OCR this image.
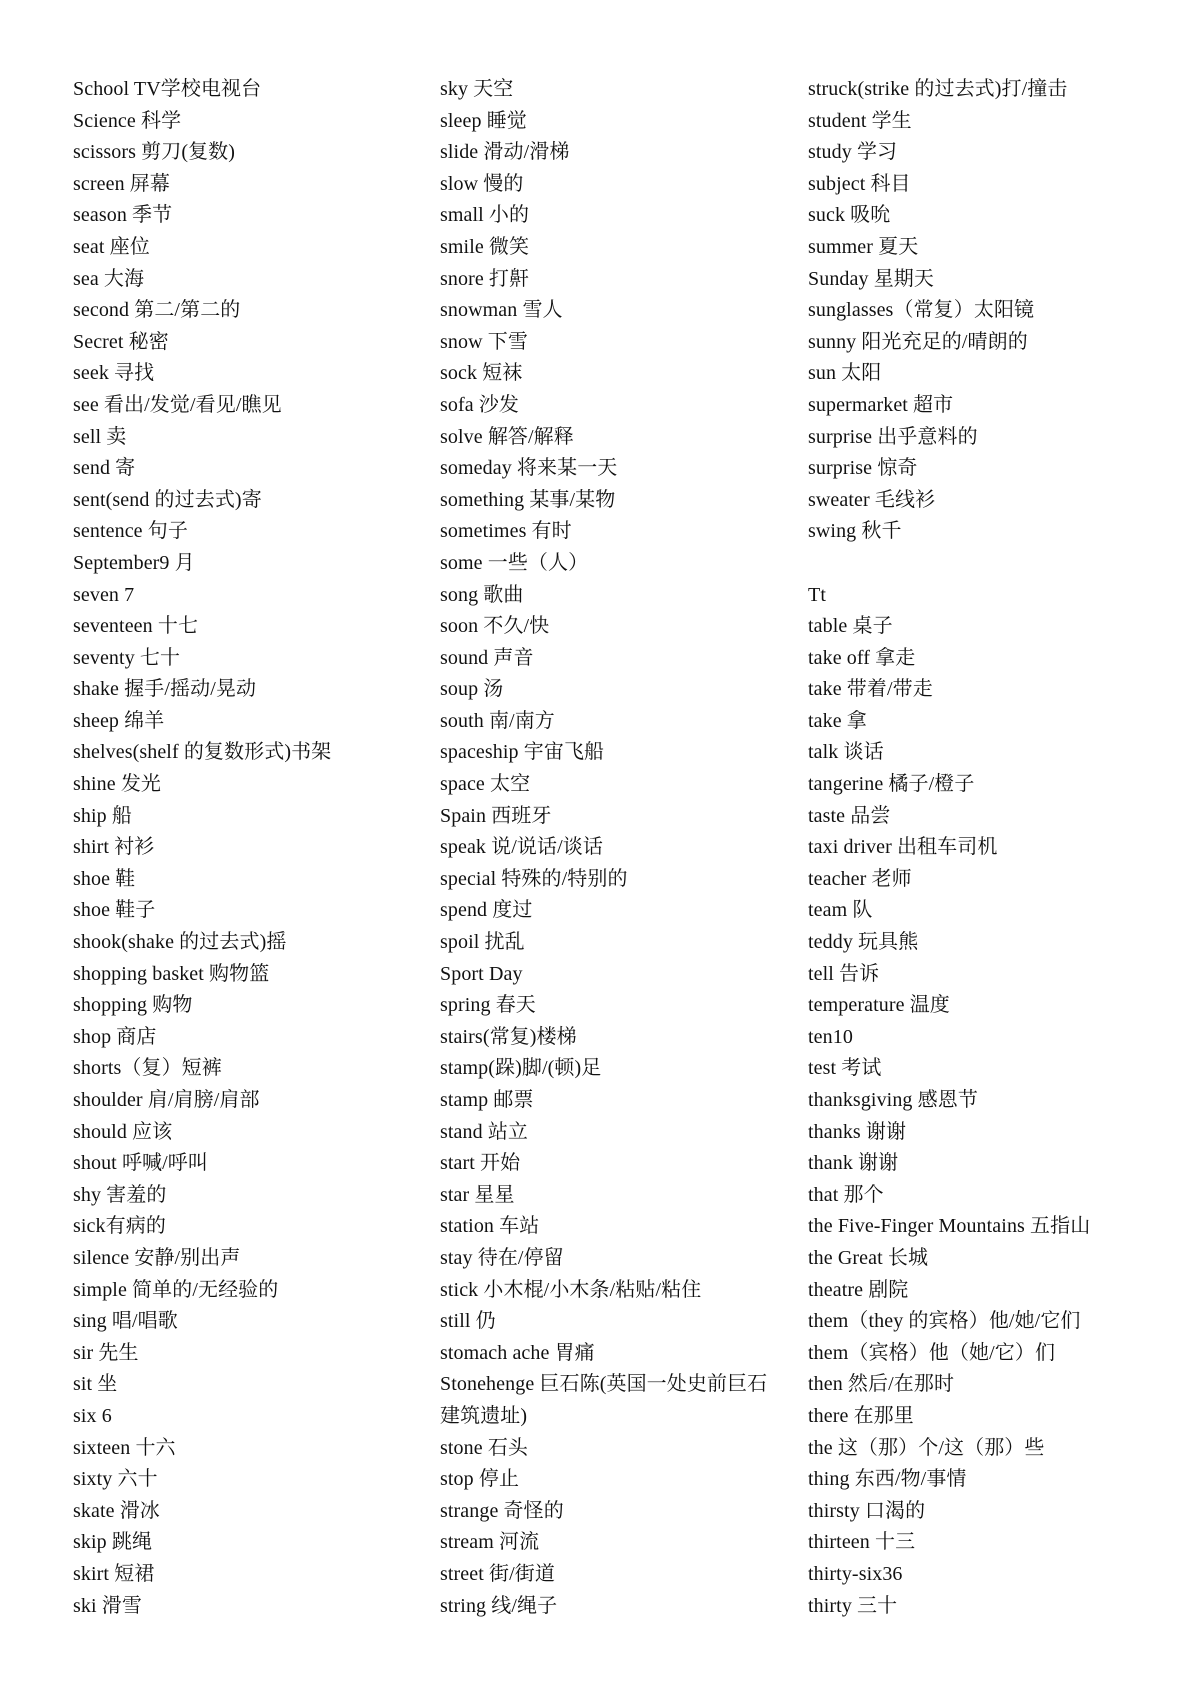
School TV学校电视台
Science 科学
scissors 剪刀(复数)
screen 屏幕
season 季节
seat 座位
sea 大海
second 第二/第二的
Secret 秘密
seek 寻找
see 看出/发觉/看见/瞧见
sell 卖
send 寄
sent(send 的过去式)寄
sentence 句子
September9 月
seven 7
seventeen 十七
seventy 七十
shake 握手/摇动/晃动
sheep 绵羊
shelves(shelf 的复数形式)书架
shine 发光
ship 船
shirt 衬衫
shoe 鞋
shoe 鞋子
shook(shake 的过去式)摇
shopping basket 购物篮
shopping 购物
shop 商店
shorts（复）短裤
shoulder 肩/肩膀/肩部
should 应该
shout 呼喊/呼叫
shy 害羞的
sick有病的
silence 安静/别出声
simple 简单的/无经验的
sing 唱/唱歌
sir 先生
sit 坐
six 6
sixteen 十六
sixty 六十
skate 滑冰
skip 跳绳
skirt 短裙
ski 滑雪
sky 天空
sleep 睡觉
slide 滑动/滑梯
slow 慢的
small 小的
smile 微笑
snore 打鼾
snowman 雪人
snow 下雪
sock 短袜
sofa 沙发
solve 解答/解释
someday 将来某一天
something 某事/某物
sometimes 有时
some 一些（人）
song 歌曲
soon 不久/快
sound 声音
soup 汤
south 南/南方
spaceship 宇宙飞船
space 太空
Spain 西班牙
speak 说/说话/谈话
special 特殊的/特别的
spend 度过
spoil 扰乱
Sport Day
spring 春天
stairs(常复)楼梯
stamp(跺)脚/(顿)足
stamp 邮票
stand 站立
start 开始
star 星星
station 车站
stay 待在/停留
stick 小木棍/小木条/粘贴/粘住
still 仍
stomach ache 胃痛
Stonehenge 巨石陈(英国一处史前巨石建筑遗址)
stone 石头
stop 停止
strange 奇怪的
stream 河流
street 街/街道
string 线/绳子
struck(strike 的过去式)打/撞击
student 学生
study 学习
subject 科目
suck 吸吮
summer 夏天
Sunday 星期天
sunglasses（常复）太阳镜
sunny 阳光充足的/晴朗的
sun 太阳
supermarket 超市
surprise 出乎意料的
surprise 惊奇
sweater 毛线衫
swing 秋千
Tt
table 桌子
take off 拿走
take 带着/带走
take 拿
talk 谈话
tangerine 橘子/橙子
taste 品尝
taxi driver 出租车司机
teacher 老师
team 队
teddy 玩具熊
tell 告诉
temperature 温度
ten10
test 考试
thanksgiving 感恩节
thanks 谢谢
thank 谢谢
that 那个
the Five-Finger Mountains 五指山
the Great 长城
theatre 剧院
them（they 的宾格）他/她/它们
them（宾格）他（她/它）们
then 然后/在那时
there 在那里
the 这（那）个/这（那）些
thing 东西/物/事情
thirsty 口渴的
thirteen 十三
thirty-six36
thirty 三十
